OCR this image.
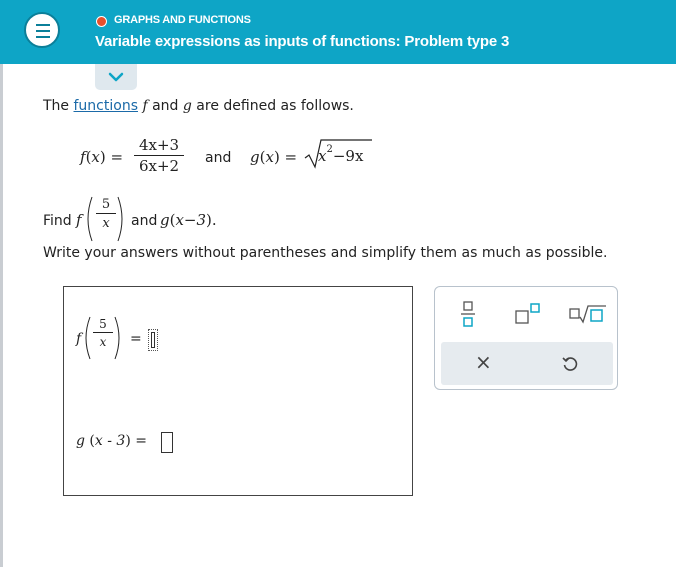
GRAPHS AND FUNCTIONS
Variable expressions as inputs of functions: Problem type 3
The functions f and g are defined as follows.
f(x) =
4x+3
6x+2	and $g(x) = x^2-9x$
Find f
5
x	and g(x−3).
Write your answers without parentheses and simplify them as much as possible.
f
5
x	=
g (x - 3) =
×
